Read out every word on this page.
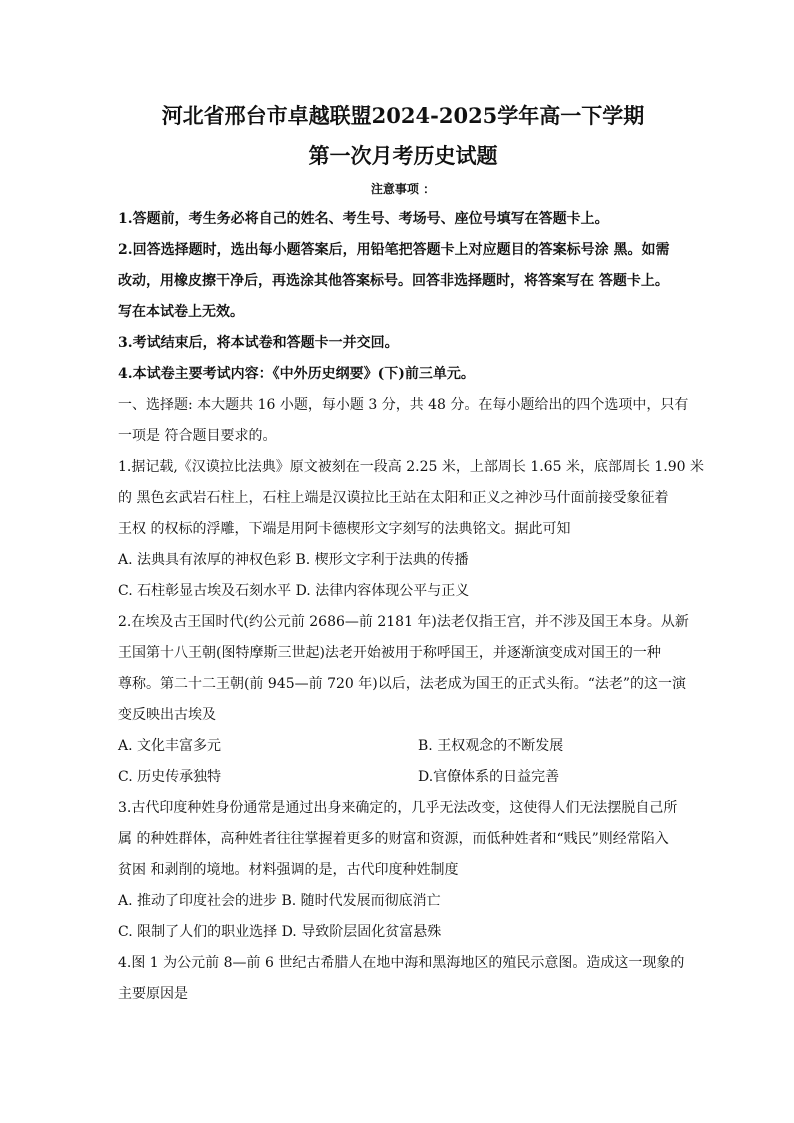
河北省邢台市卓越联盟2024-2025学年高一下学期
第一次月考历史试题
注意事项 ：

1.答题前，考生务必将自己的姓名、考生号、考场号、座位号填写在答题卡上。

2.回答选择题时，选出每小题答案后，用铅笔把答题卡上对应题目的答案标号涂 黑。如需

改动，用橡皮擦干净后，再选涂其他答案标号。回答非选择题时，将答案写在 答题卡上。

写在本试卷上无效。

3.考试结束后，将本试卷和答题卡一并交回。

4.本试卷主要考试内容：《中外历史纲要》(下)前三单元。

一、选择题: 本大题共 16 小题，每小题 3 分，共 48 分。在每小题给出的四个选项中，只有

一项是 符合题目要求的。

1.据记载,《汉谟拉比法典》原文被刻在一段高 2.25 米，上部周长 1.65 米，底部周长 1.90 米

的 黑色玄武岩石柱上，石柱上端是汉谟拉比王站在太阳和正义之神沙马什面前接受象征着

王权 的权标的浮雕，下端是用阿卡德楔形文字刻写的法典铭文。据此可知

A. 法典具有浓厚的神权色彩 B. 楔形文字利于法典的传播

C. 石柱彰显古埃及石刻水平 D. 法律内容体现公平与正义

2.在埃及古王国时代(约公元前 2686—前 2181 年)法老仅指王宫，并不涉及国王本身。从新

王国第十八王朝(图特摩斯三世起)法老开始被用于称呼国王，并逐渐演变成对国王的一种

尊称。第二十二王朝(前 945—前 720 年)以后，法老成为国王的正式头衔。“法老”的这一演

变反映出古埃及

A. 文化丰富多元	B. 王权观念的不断发展
C. 历史传承独特	D.官僚体系的日益完善

3.古代印度种姓身份通常是通过出身来确定的，几乎无法改变，这使得人们无法摆脱自己所

属 的种姓群体，高种姓者往往掌握着更多的财富和资源，而低种姓者和“贱民”则经常陷入

贫困 和剥削的境地。材料强调的是，古代印度种姓制度

A. 推动了印度社会的进步 B. 随时代发展而彻底消亡

C. 限制了人们的职业选择 D. 导致阶层固化贫富悬殊

4.图 1 为公元前 8—前 6 世纪古希腊人在地中海和黑海地区的殖民示意图。造成这一现象的

主要原因是
